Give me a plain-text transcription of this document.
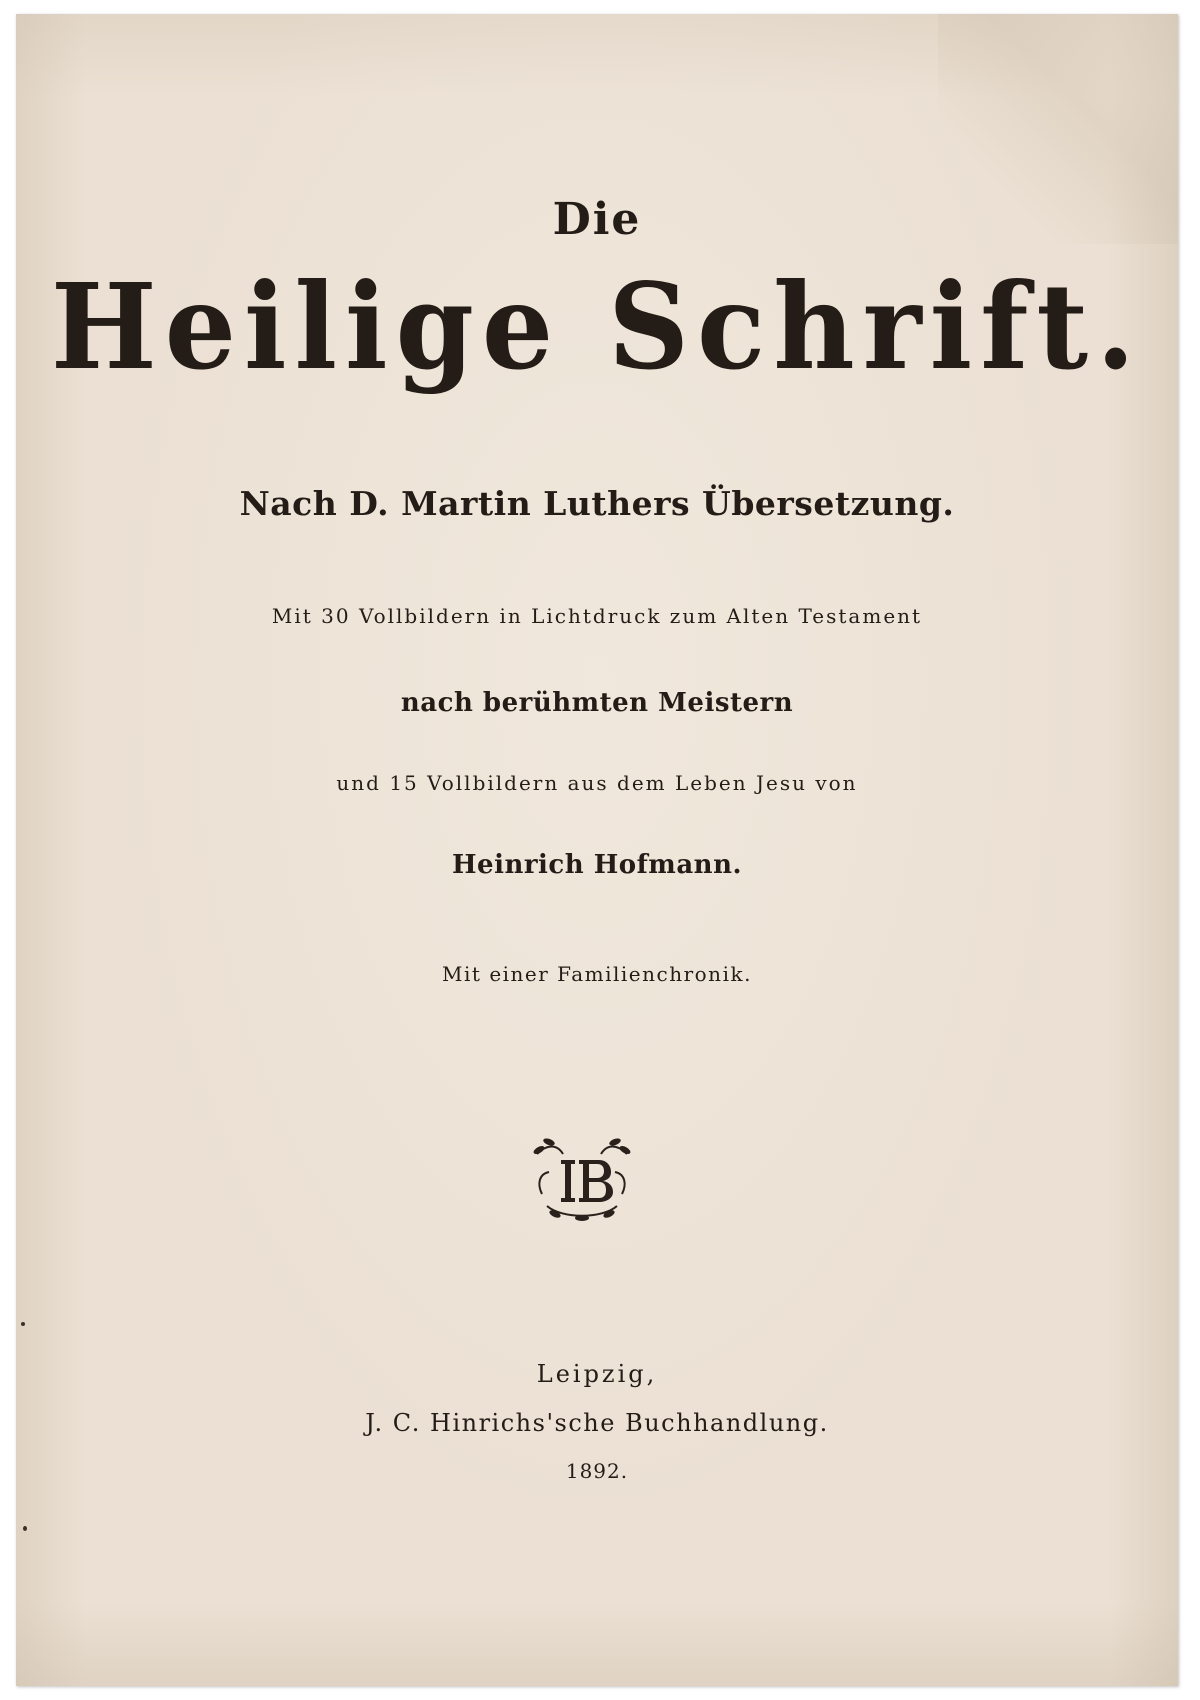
Die
Heilige Schrift.
Nach D. Martin Luthers Übersetzung.
Mit 30 Vollbildern in Lichtdruck zum Alten Testament
nach berühmten Meistern
und 15 Vollbildern aus dem Leben Jesu von
Heinrich Hofmann.
Mit einer Familienchronik.
Leipzig,
J. C. Hinrichs'sche Buchhandlung.
1892.
